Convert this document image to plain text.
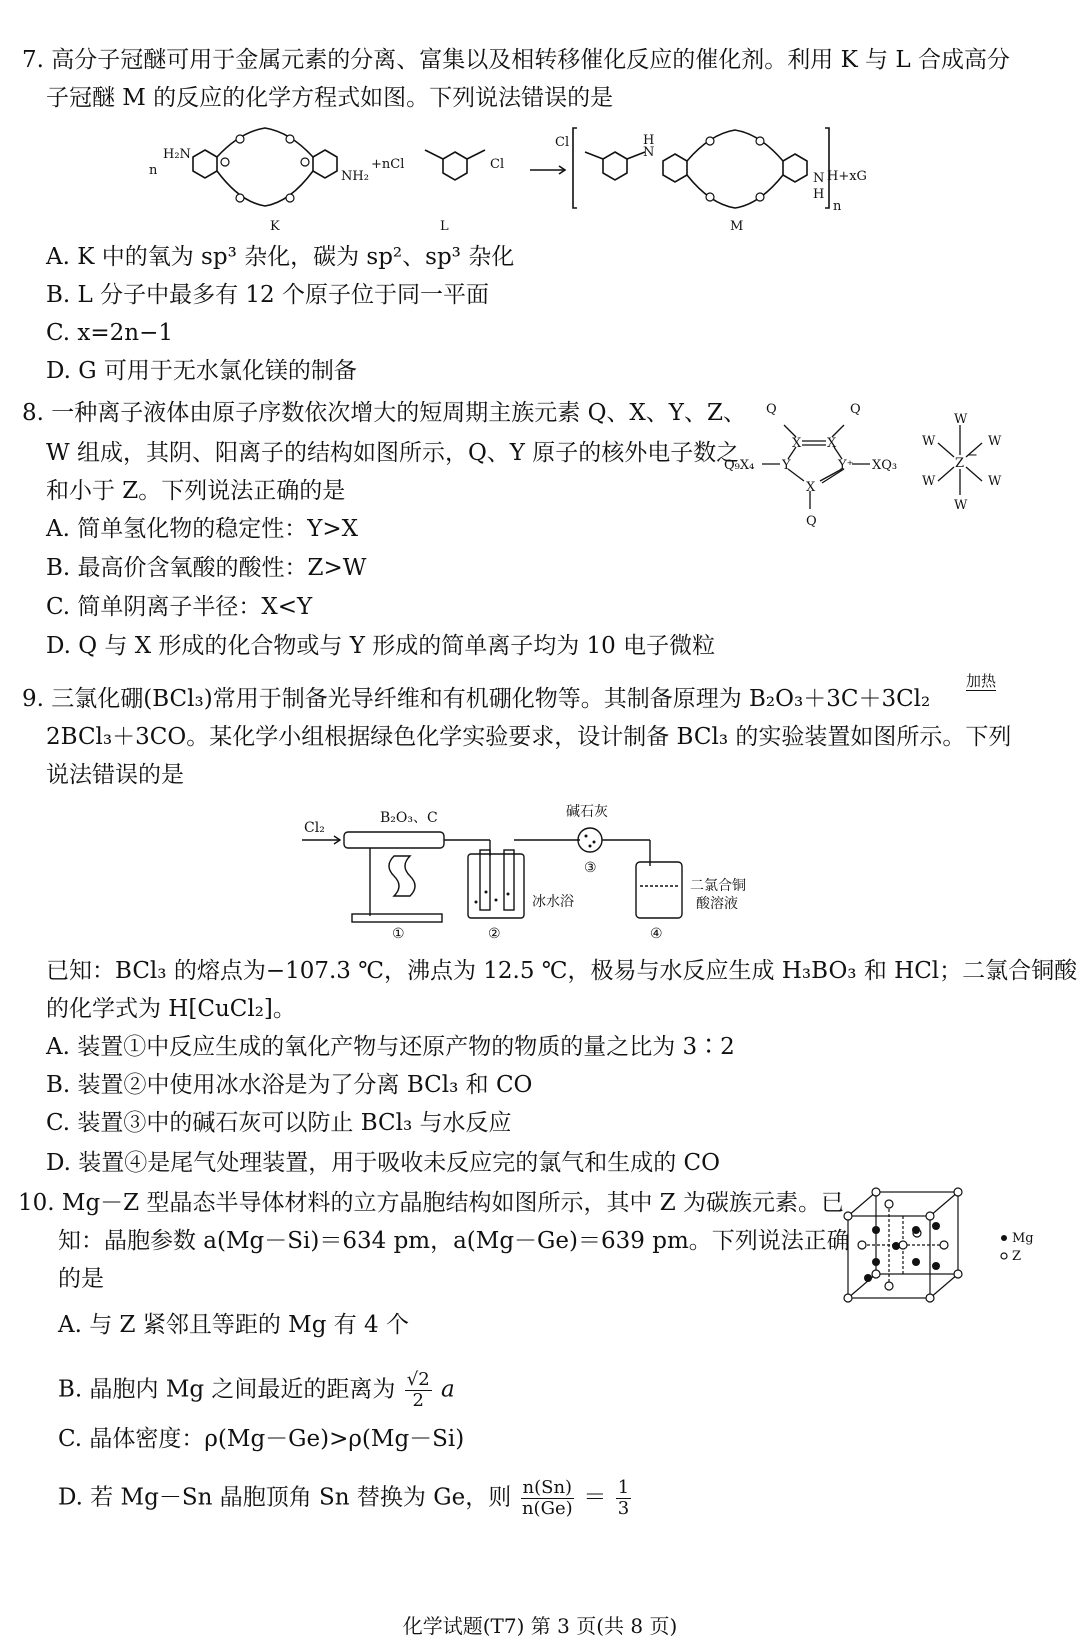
7. 高分子冠醚可用于金属元素的分离、富集以及相转移催化反应的催化剂。利用 K 与 L 合成高分
子冠醚 M 的反应的化学方程式如图。下列说法错误的是
n
H₂N
NH₂
+nCl	Cl
Cl	H
N
N H+xG
H
n
K	L	M
A. K 中的氧为 sp³ 杂化，碳为 sp²、sp³ 杂化
B. L 分子中最多有 12 个原子位于同一平面
C. x=2n−1
D. G 可用于无水氯化镁的制备
8. 一种离子液体由原子序数依次增大的短周期主族元素 Q、X、Y、Z、
W 组成，其阴、阳离子的结构如图所示，Q、Y 原子的核外电子数之
和小于 Z。下列说法正确的是
A. 简单氢化物的稳定性：Y>X
B. 最高价含氧酸的酸性：Z>W
C. 简单阴离子半径：X<Y
D. Q 与 X 形成的化合物或与 Y 形成的简单离子均为 10 电子微粒
Q	Q
X X
Q₉X₄ Y	Y⁺ XQ₃
X
Q
W
W	W
Z
−
W	W
W
9. 三氯化硼(BCl₃)常用于制备光导纤维和有机硼化物等。其制备原理为 B₂O₃＋3C＋3Cl₂
加热
2BCl₃＋3CO。某化学小组根据绿色化学实验要求，设计制备 BCl₃ 的实验装置如图所示。下列
说法错误的是
Cl₂
B₂O₃、C	碱石灰
冰水浴
二氯合铜
酸溶液
①	②
③
④
已知：BCl₃ 的熔点为−107.3 ℃，沸点为 12.5 ℃，极易与水反应生成 H₃BO₃ 和 HCl；二氯合铜酸
的化学式为 H[CuCl₂]。
A. 装置①中反应生成的氧化产物与还原产物的物质的量之比为 3∶2
B. 装置②中使用冰水浴是为了分离 BCl₃ 和 CO
C. 装置③中的碱石灰可以防止 BCl₃ 与水反应
D. 装置④是尾气处理装置，用于吸收未反应完的氯气和生成的 CO
10. Mg－Z 型晶态半导体材料的立方晶胞结构如图所示，其中 Z 为碳族元素。已
知：晶胞参数 a(Mg－Si)＝634 pm，a(Mg－Ge)＝639 pm。下列说法正确
的是
Mg
Z
A. 与 Z 紧邻且等距的 Mg 有 4 个
B. 晶胞内 Mg 之间最近的距离为 $\frac{√2}{2}$ a
C. 晶体密度：ρ(Mg－Ge)>ρ(Mg－Si)
D. 若 Mg－Sn 晶胞顶角 Sn 替换为 Ge，则 $\frac{n(Sn)}{n(Ge)} = \frac{1}{3}$
化学试题(T7) 第 3 页(共 8 页)
